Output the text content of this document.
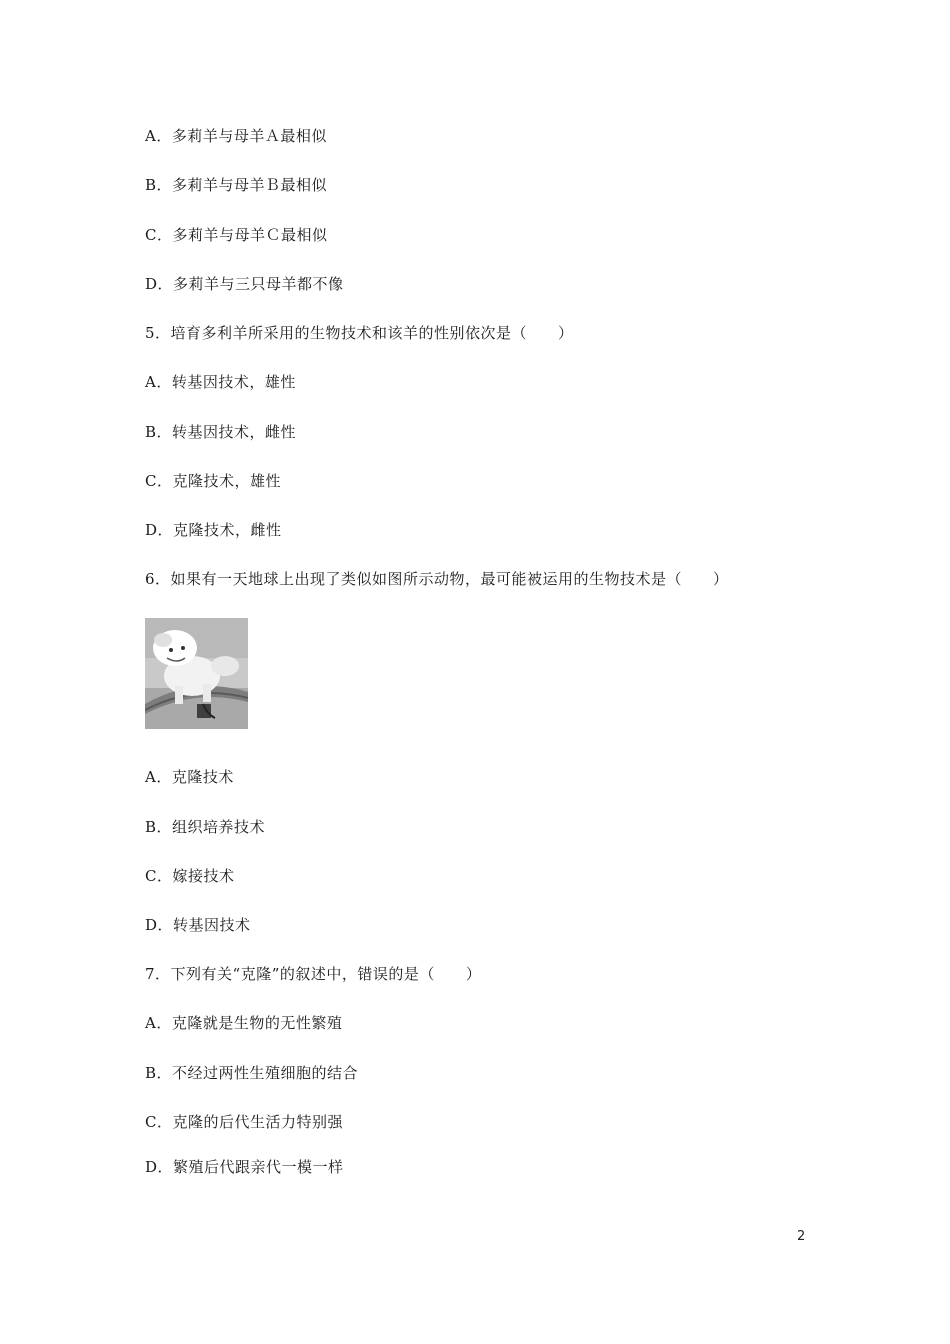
A．多莉羊与母羊Ａ最相似
B．多莉羊与母羊Ｂ最相似
C．多莉羊与母羊Ｃ最相似
D．多莉羊与三只母羊都不像
5．培育多利羊所采用的生物技术和该羊的性别依次是（　　）
A．转基因技术，雄性
B．转基因技术，雌性
C．克隆技术，雄性
D．克隆技术，雌性
6．如果有一天地球上出现了类似如图所示动物，最可能被运用的生物技术是（　　）
A．克隆技术
B．组织培养技术
C．嫁接技术
D．转基因技术
7．下列有关“克隆”的叙述中，错误的是（　　）
A．克隆就是生物的无性繁殖
B．不经过两性生殖细胞的结合
C．克隆的后代生活力特别强
D．繁殖后代跟亲代一模一样
2
